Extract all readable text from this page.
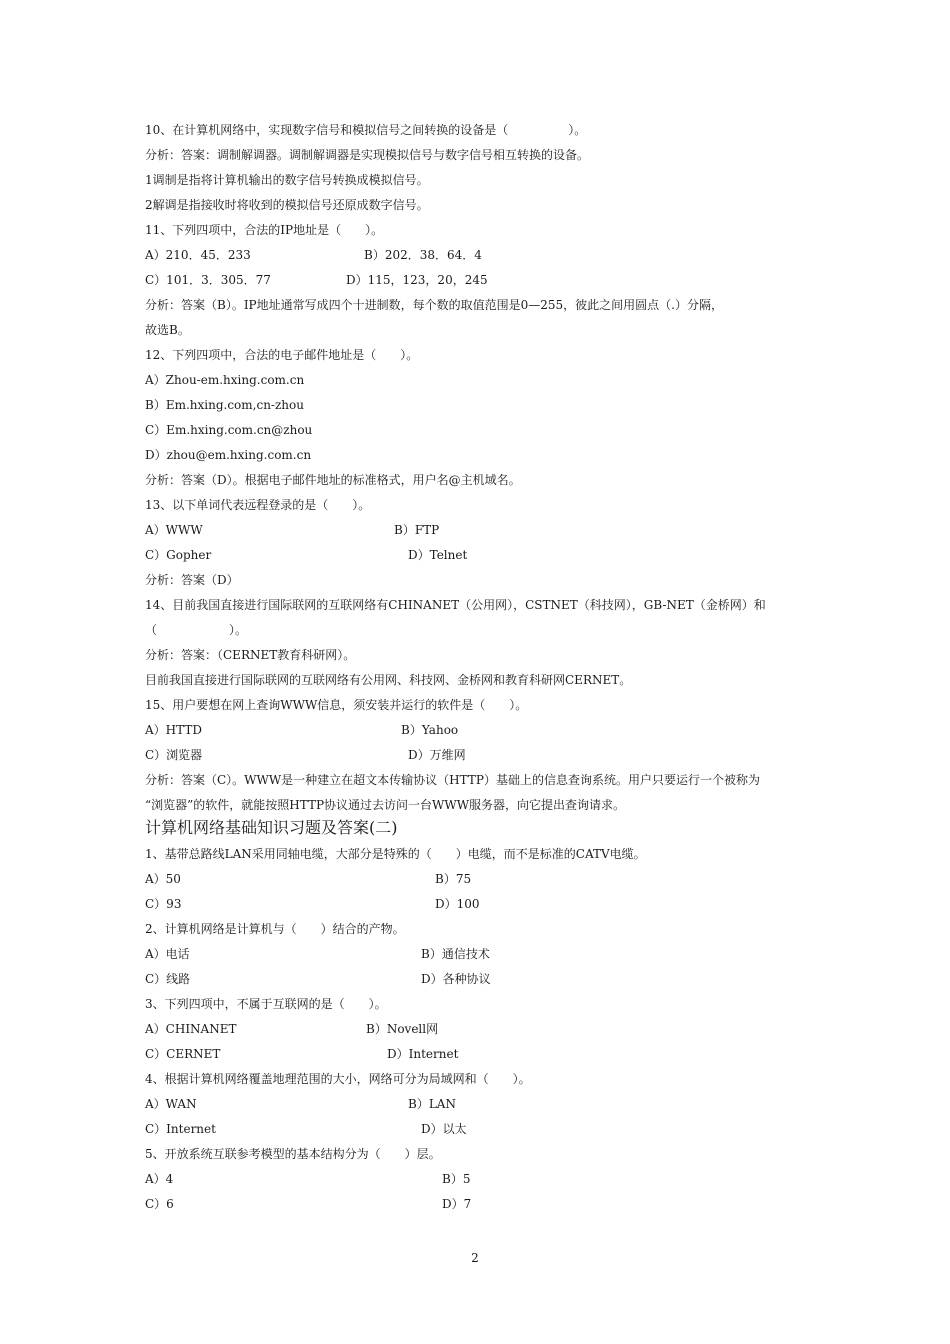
10、在计算机网络中，实现数字信号和模拟信号之间转换的设备是（　　　　　）。
分析：答案：调制解调器。调制解调器是实现模拟信号与数字信号相互转换的设备。
1调制是指将计算机输出的数字信号转换成模拟信号。
2解调是指接收时将收到的模拟信号还原成数字信号。
11、下列四项中，合法的IP地址是（　　）。
A）210．45．233	B）202．38．64．4
C）101．3．305．77	D）115，123，20，245
分析：答案（B）。IP地址通常写成四个十进制数，每个数的取值范围是0—255，彼此之间用圆点（.）分隔，
故选B。
12、下列四项中，合法的电子邮件地址是（　　）。
A）Zhou-em.hxing.com.cn
B）Em.hxing.com,cn-zhou
C）Em.hxing.com.cn@zhou
D）zhou@em.hxing.com.cn
分析：答案（D）。根据电子邮件地址的标准格式，用户名@主机域名。
13、以下单词代表远程登录的是（　　）。
A）WWW	B）FTP
C）Gopher	D）Telnet
分析：答案（D）
14、目前我国直接进行国际联网的互联网络有CHINANET（公用网），CSTNET（科技网），GB-NET（金桥网）和
（　　　　　　）。
分析：答案：（CERNET教育科研网）。
目前我国直接进行国际联网的互联网络有公用网、科技网、金桥网和教育科研网CERNET。
15、用户要想在网上查询WWW信息，须安装并运行的软件是（　　）。
A）HTTD	B）Yahoo
C）浏览器	D）万维网
分析：答案（C）。WWW是一种建立在超文本传输协议（HTTP）基础上的信息查询系统。用户只要运行一个被称为
“浏览器”的软件，就能按照HTTP协议通过去访问一台WWW服务器，向它提出查询请求。
计算机网络基础知识习题及答案(二)
1、基带总路线LAN采用同轴电缆，大部分是特殊的（　　）电缆，而不是标准的CATV电缆。
A）50	B）75
C）93	D）100
2、计算机网络是计算机与（　　）结合的产物。
A）电话	B）通信技术
C）线路	D）各种协议
3、下列四项中，不属于互联网的是（　　）。
A）CHINANET	B）Novell网
C）CERNET	D）Internet
4、根据计算机网络覆盖地理范围的大小，网络可分为局域网和（　　）。
A）WAN	B）LAN
C）Internet	D）以太
5、开放系统互联参考模型的基本结构分为（　　）层。
A）4	B）5
C）6	D）7
2
